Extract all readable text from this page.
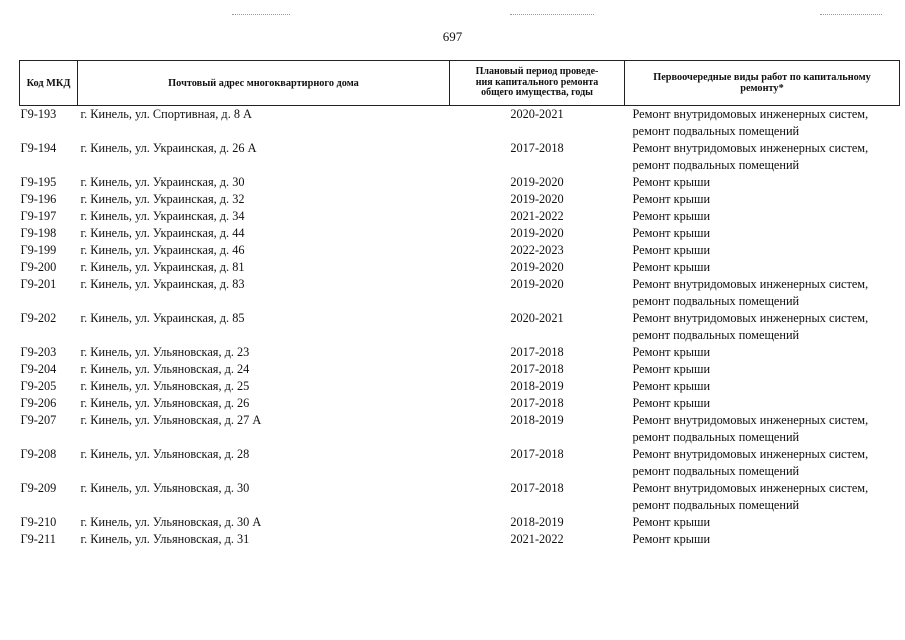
697
Код МКД	Почтовый адрес многоквартирного дома	Плановый период проведе-
ния капитального ремонта
общего имущества, годы	Первоочередные виды работ по капитальному
ремонту*

Г9-193	г. Кинель, ул. Спортивная, д. 8 А	2020-2021	Ремонт внутридомовых инженерных систем,
ремонт подвальных помещений

Г9-194	г. Кинель, ул. Украинская, д. 26 А	2017-2018	Ремонт внутридомовых инженерных систем,
ремонт подвальных помещений

Г9-195	г. Кинель, ул. Украинская, д. 30	2019-2020	Ремонт крыши

Г9-196	г. Кинель, ул. Украинская, д. 32	2019-2020	Ремонт крыши

Г9-197	г. Кинель, ул. Украинская, д. 34	2021-2022	Ремонт крыши

Г9-198	г. Кинель, ул. Украинская, д. 44	2019-2020	Ремонт крыши

Г9-199	г. Кинель, ул. Украинская, д. 46	2022-2023	Ремонт крыши

Г9-200	г. Кинель, ул. Украинская, д. 81	2019-2020	Ремонт крыши

Г9-201	г. Кинель, ул. Украинская, д. 83	2019-2020	Ремонт внутридомовых инженерных систем,
ремонт подвальных помещений

Г9-202	г. Кинель, ул. Украинская, д. 85	2020-2021	Ремонт внутридомовых инженерных систем,
ремонт подвальных помещений

Г9-203	г. Кинель, ул. Ульяновская, д. 23	2017-2018	Ремонт крыши

Г9-204	г. Кинель, ул. Ульяновская, д. 24	2017-2018	Ремонт крыши

Г9-205	г. Кинель, ул. Ульяновская, д. 25	2018-2019	Ремонт крыши

Г9-206	г. Кинель, ул. Ульяновская, д. 26	2017-2018	Ремонт крыши

Г9-207	г. Кинель, ул. Ульяновская, д. 27 А	2018-2019	Ремонт внутридомовых инженерных систем,
ремонт подвальных помещений

Г9-208	г. Кинель, ул. Ульяновская, д. 28	2017-2018	Ремонт внутридомовых инженерных систем,
ремонт подвальных помещений

Г9-209	г. Кинель, ул. Ульяновская, д. 30	2017-2018	Ремонт внутридомовых инженерных систем,
ремонт подвальных помещений

Г9-210	г. Кинель, ул. Ульяновская, д. 30 А	2018-2019	Ремонт крыши

Г9-211	г. Кинель, ул. Ульяновская, д. 31	2021-2022	Ремонт крыши
